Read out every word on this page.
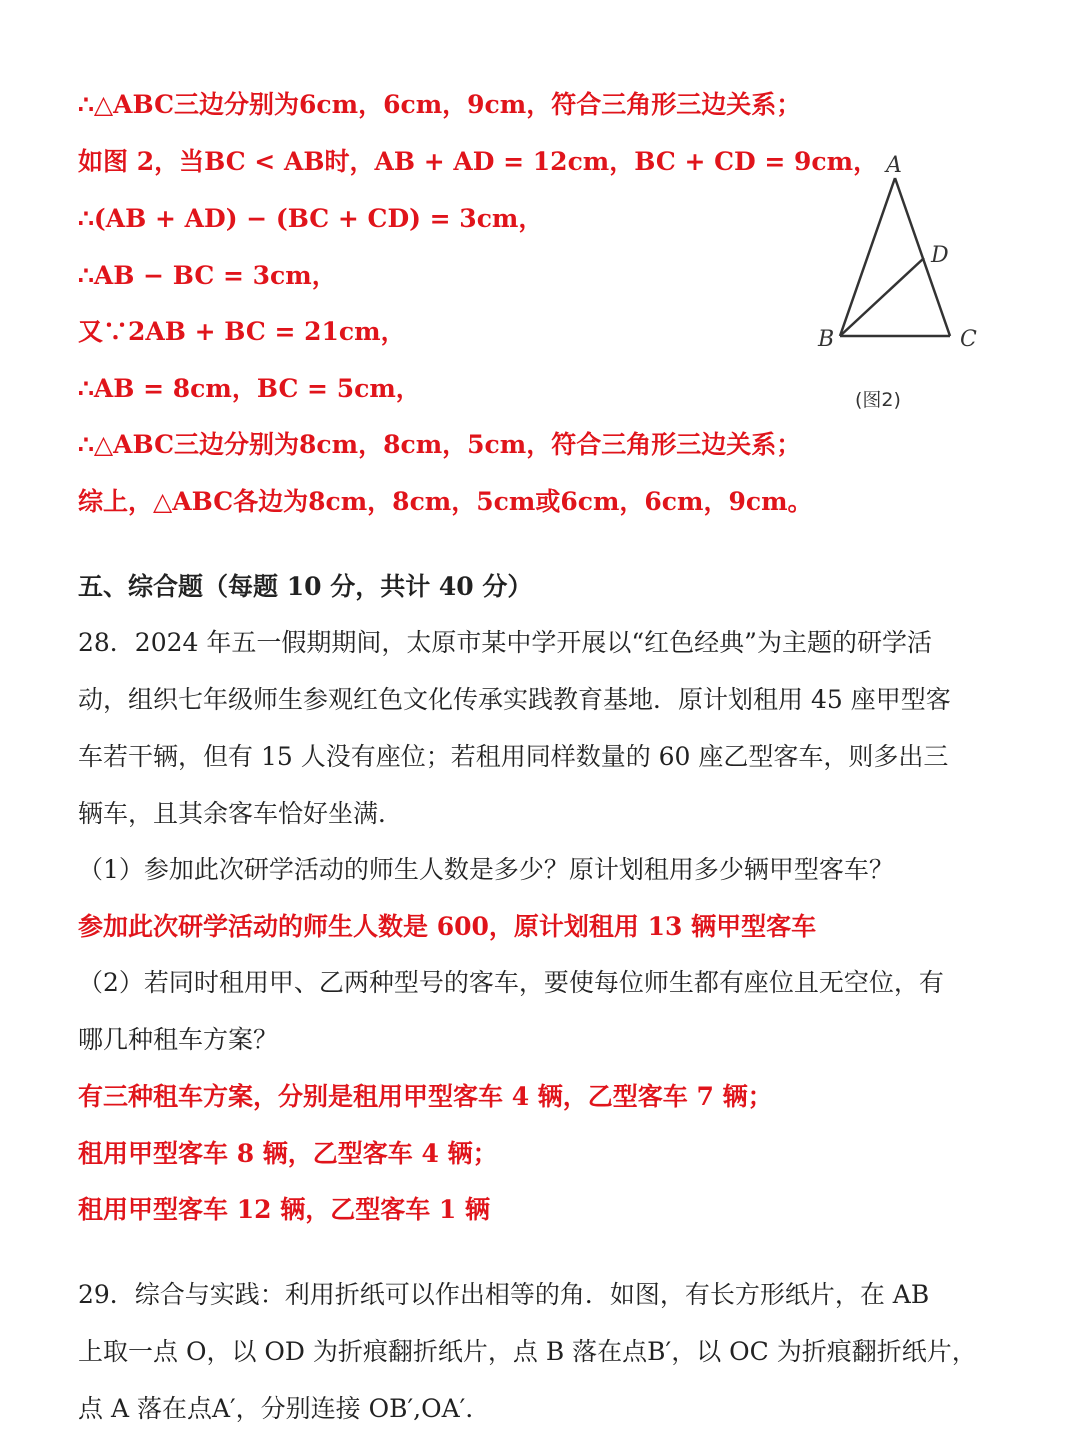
∴△ABC三边分别为6cm，6cm，9cm，符合三角形三边关系；
如图 2，当BC < AB时，AB + AD = 12cm，BC + CD = 9cm，
∴(AB + AD) − (BC + CD) = 3cm，
∴AB − BC = 3cm，
又∵2AB + BC = 21cm，
∴AB = 8cm，BC = 5cm，
∴△ABC三边分别为8cm，8cm，5cm，符合三角形三边关系；
综上，△ABC各边为8cm，8cm，5cm或6cm，6cm，9cm。
A
D
B	C
(图2)
五、综合题（每题 10 分，共计 40 分）
28．2024 年五一假期期间，太原市某中学开展以“红色经典”为主题的研学活
动，组织七年级师生参观红色文化传承实践教育基地．原计划租用 45 座甲型客
车若干辆，但有 15 人没有座位；若租用同样数量的 60 座乙型客车，则多出三
辆车，且其余客车恰好坐满．
（1）参加此次研学活动的师生人数是多少？原计划租用多少辆甲型客车？
参加此次研学活动的师生人数是 600，原计划租用 13 辆甲型客车
（2）若同时租用甲、乙两种型号的客车，要使每位师生都有座位且无空位，有
哪几种租车方案？
有三种租车方案，分别是租用甲型客车 4 辆，乙型客车 7 辆；
租用甲型客车 8 辆，乙型客车 4 辆；
租用甲型客车 12 辆，乙型客车 1 辆
29．综合与实践：利用折纸可以作出相等的角．如图，有长方形纸片，在 AB
上取一点 O，以 OD 为折痕翻折纸片，点 B 落在点B′，以 OC 为折痕翻折纸片，
点 A 落在点A′，分别连接 OB′,OA′．
